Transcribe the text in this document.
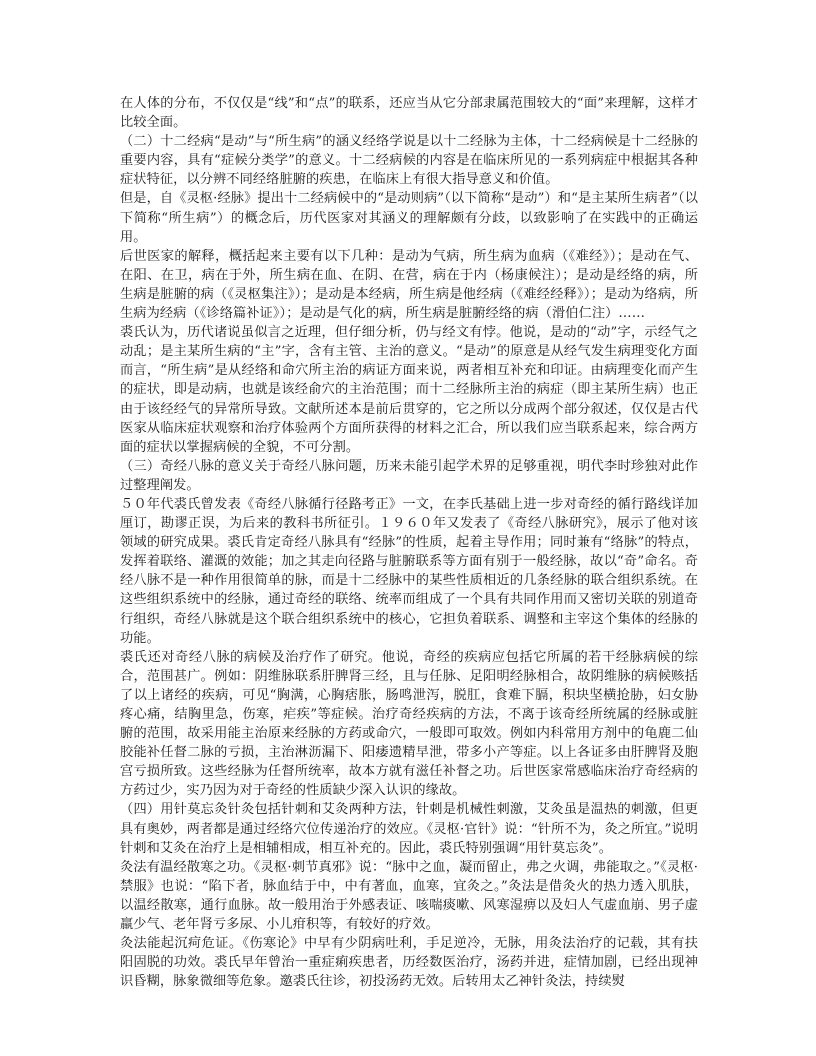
在人体的分布，不仅仅是“线”和“点”的联系，还应当从它分部隶属范围较大的“面”来理解，这样才比较全面。

（二）十二经病“是动”与“所生病”的涵义经络学说是以十二经脉为主体，十二经病候是十二经脉的重要内容，具有“症候分类学”的意义。十二经病候的内容是在临床所见的一系列病症中根据其各种症状特征，以分辨不同经络脏腑的疾患，在临床上有很大指导意义和价值。

但是，自《灵枢·经脉》提出十二经病候中的“是动则病”（以下简称“是动”）和“是主某所生病者”（以下简称“所生病”）的概念后，历代医家对其涵义的理解颇有分歧，以致影响了在实践中的正确运用。

后世医家的解释，概括起来主要有以下几种：是动为气病，所生病为血病（《难经》）；是动在气、在阳、在卫，病在于外，所生病在血、在阴、在营，病在于内（杨康候注）；是动是经络的病，所生病是脏腑的病（《灵枢集注》）；是动是本经病，所生病是他经病（《难经经释》）；是动为络病，所生病为经病（《诊络篇补证》）；是动是气化的病，所生病是脏腑经络的病（滑伯仁注）……

裘氏认为，历代诸说虽似言之近理，但仔细分析，仍与经文有悖。他说，是动的“动”字，示经气之动乱；是主某所生病的“主”字，含有主管、主治的意义。“是动”的原意是从经气发生病理变化方面而言，“所生病”是从经络和命穴所主治的病证方面来说，两者相互补充和印证。由病理变化而产生的症状，即是动病，也就是该经俞穴的主治范围；而十二经脉所主治的病症（即主某所生病）也正由于该经经气的异常所导致。文献所述本是前后贯穿的，它之所以分成两个部分叙述，仅仅是古代医家从临床症状观察和治疗体验两个方面所获得的材料之汇合，所以我们应当联系起来，综合两方面的症状以掌握病候的全貌，不可分割。

（三）奇经八脉的意义关于奇经八脉问题，历来未能引起学术界的足够重视，明代李时珍独对此作过整理阐发。

５０年代裘氏曾发表《奇经八脉循行径路考正》一文，在李氏基础上进一步对奇经的循行路线详加厘订，勘谬正误，为后来的教科书所征引。１９６０年又发表了《奇经八脉研究》，展示了他对该领域的研究成果。裘氏肯定奇经八脉具有“经脉”的性质，起着主导作用；同时兼有“络脉”的特点，发挥着联络、灌溉的效能；加之其走向径路与脏腑联系等方面有别于一般经脉，故以“奇”命名。奇经八脉不是一种作用很简单的脉，而是十二经脉中的某些性质相近的几条经脉的联合组织系统。在这些组织系统中的经脉，通过奇经的联络、统率而组成了一个具有共同作用而又密切关联的别道奇行组织，奇经八脉就是这个联合组织系统中的核心，它担负着联系、调整和主宰这个集体的经脉的功能。

裘氏还对奇经八脉的病候及治疗作了研究。他说，奇经的疾病应包括它所属的若干经脉病候的综合，范围甚广。例如：阴维脉联系肝脾肾三经，且与任脉、足阳明经脉相合，故阴维脉的病候赅括了以上诸经的疾病，可见“胸满，心胸痞胀，肠鸣泄泻，脱肛，食难下膈，积块坚横抢胁，妇女胁疼心痛，结胸里急，伤寒，疟疾”等症候。治疗奇经疾病的方法，不离于该奇经所统属的经脉或脏腑的范围，故采用能主治原来经脉的方药或命穴，一般即可取效。例如内科常用方剂中的龟鹿二仙胶能补任督二脉的亏损，主治淋沥漏下、阳痿遗精早泄，带多小产等症。以上各证多由肝脾肾及胞宫亏损所致。这些经脉为任督所统率，故本方就有滋任补督之功。后世医家常感临床治疗奇经病的方药过少，实乃因为对于奇经的性质缺少深入认识的缘故。

（四）用针莫忘灸针灸包括针刺和艾灸两种方法，针刺是机械性刺激，艾灸虽是温热的刺激，但更具有奥妙，两者都是通过经络穴位传递治疗的效应。《灵枢·官针》说：“针所不为，灸之所宜。”说明针刺和艾灸在治疗上是相辅相成，相互补充的。因此，裘氏特别强调“用针莫忘灸”。

灸法有温经散寒之功。《灵枢·刺节真邪》说：“脉中之血，凝而留止，弗之火调，弗能取之。”《灵枢·禁服》也说：“陷下者，脉血结于中，中有著血，血寒，宜灸之。”灸法是借灸火的热力透入肌肤，以温经散寒，通行血脉。故一般用治于外感表证、咳喘痰嗽、风寒湿痹以及妇人气虚血崩、男子虚羸少气、老年肾亏多尿、小儿疳积等，有较好的疗效。

灸法能起沉疴危证。《伤寒论》中早有少阴病吐利，手足逆冷，无脉，用灸法治疗的记载，其有扶阳固脱的功效。裘氏早年曾治一重症痢疾患者，历经数医治疗，汤药并进，症情加剧，已经出现神识昏糊，脉象微细等危象。邀裘氏往诊，初投汤药无效。后转用太乙神针灸法，持续熨
